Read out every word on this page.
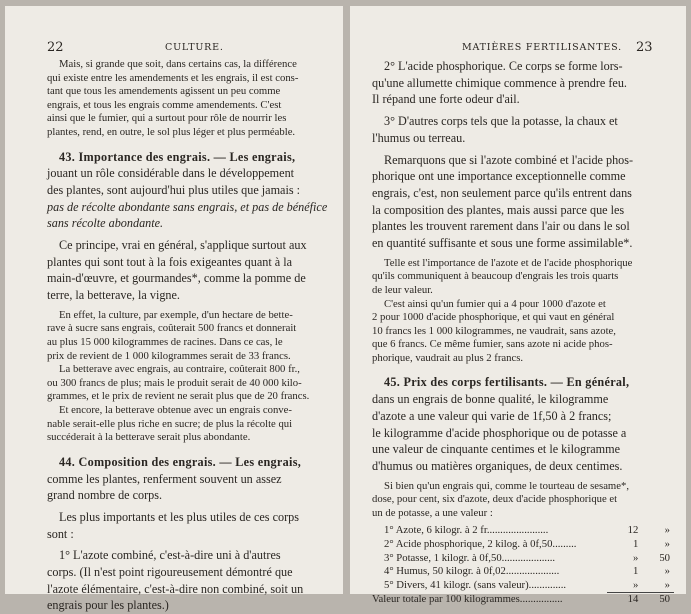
22	CULTURE.
Mais, si grande que soit, dans certains cas, la différence
qui existe entre les amendements et les engrais, il est cons-
tant que tous les amendements agissent un peu comme
engrais, et tous les engrais comme amendements. C'est
ainsi que le fumier, qui a surtout pour rôle de nourrir les
plantes, rend, en outre, le sol plus léger et plus perméable.
43. Importance des engrais. — Les engrais,
jouant un rôle considérable dans le développement
des plantes, sont aujourd'hui plus utiles que jamais :
pas de récolte abondante sans engrais, et pas de bénéfice
sans récolte abondante.
Ce principe, vrai en général, s'applique surtout aux
plantes qui sont tout à la fois exigeantes quant à la
main-d'œuvre, et gourmandes*, comme la pomme de
terre, la betterave, la vigne.
En effet, la culture, par exemple, d'un hectare de bette-
rave à sucre sans engrais, coûterait 500 francs et donnerait
au plus 15 000 kilogrammes de racines. Dans ce cas, le
prix de revient de 1 000 kilogrammes serait de 33 francs.
La betterave avec engrais, au contraire, coûterait 800 fr.,
ou 300 francs de plus; mais le produit serait de 40 000 kilo-
grammes, et le prix de revient ne serait plus que de 20 francs.
Et encore, la betterave obtenue avec un engrais conve-
nable serait-elle plus riche en sucre; de plus la récolte qui
succéderait à la betterave serait plus abondante.
44. Composition des engrais. — Les engrais,
comme les plantes, renferment souvent un assez
grand nombre de corps.
Les plus importants et les plus utiles de ces corps
sont :
1° L'azote combiné, c'est-à-dire uni à d'autres
corps. (Il n'est point rigoureusement démontré que
l'azote élémentaire, c'est-à-dire non combiné, soit un
engrais pour les plantes.)
MATIÈRES FERTILISANTES. 23
2° L'acide phosphorique. Ce corps se forme lors-
qu'une allumette chimique commence à prendre feu.
Il répand une forte odeur d'ail.
3° D'autres corps tels que la potasse, la chaux et
l'humus ou terreau.
Remarquons que si l'azote combiné et l'acide phos-
phorique ont une importance exceptionnelle comme
engrais, c'est, non seulement parce qu'ils entrent dans
la composition des plantes, mais aussi parce que les
plantes les trouvent rarement dans l'air ou dans le sol
en quantité suffisante et sous une forme assimilable*.
Telle est l'importance de l'azote et de l'acide phosphorique
qu'ils communiquent à beaucoup d'engrais les trois quarts
de leur valeur.
C'est ainsi qu'un fumier qui a 4 pour 1000 d'azote et
2 pour 1000 d'acide phosphorique, et qui vaut en général
10 francs les 1 000 kilogrammes, ne vaudrait, sans azote,
que 6 francs. Ce même fumier, sans azote ni acide phos-
phorique, vaudrait au plus 2 francs.
45. Prix des corps fertilisants. — En général,
dans un engrais de bonne qualité, le kilogramme
d'azote a une valeur qui varie de 1f,50 à 2 francs;
le kilogramme d'acide phosphorique ou de potasse a
une valeur de cinquante centimes et le kilogramme
d'humus ou matières organiques, de deux centimes.
Si bien qu'un engrais qui, comme le tourteau de sesame*,
dose, pour cent, six d'azote, deux d'acide phosphorique et
un de potasse, a une valeur :
1° Azote, 6 kilogr. à 2 fr.......................	12	»
2° Acide phosphorique, 2 kilog. à 0f,50.........	1	»
3° Potasse, 1 kilogr. à 0f,50....................	»	50
4° Humus, 50 kilogr. à 0f,02....................	1	»
5° Divers, 41 kilogr. (sans valeur)..............	»	»
Valeur totale par 100 kilogrammes................	14	50
